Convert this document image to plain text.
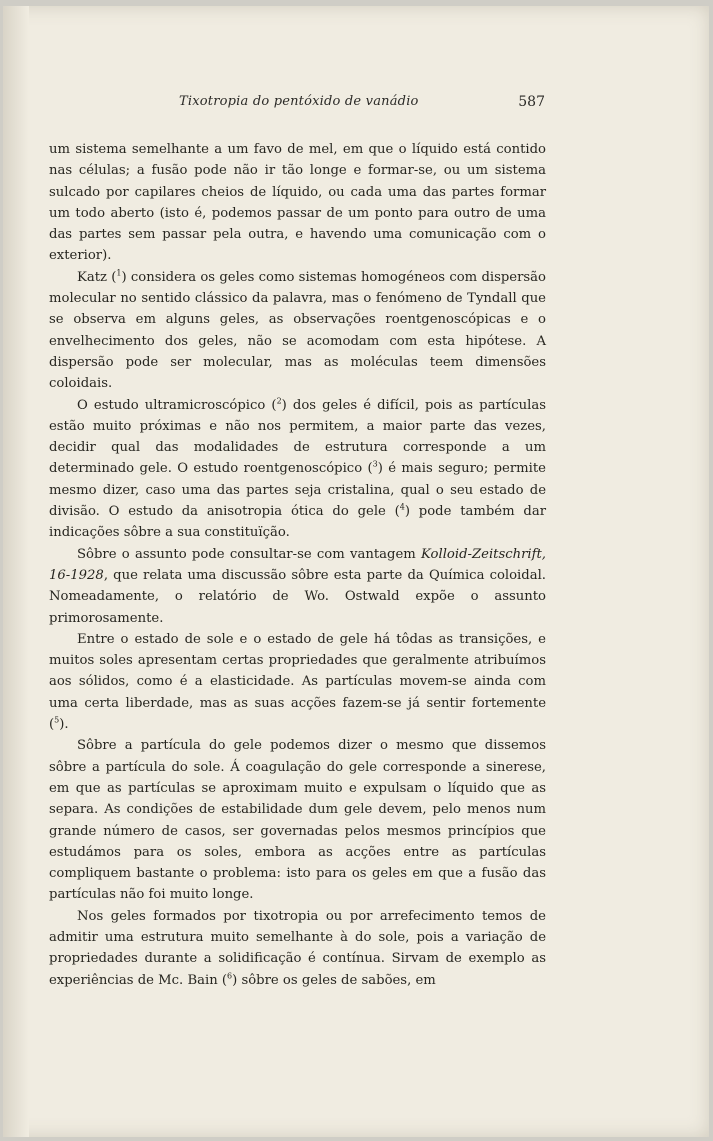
Tixotropia do pentóxido de vanádio	587

um sistema semelhante a um favo de mel, em que o líquido está contido nas células; a fusão pode não ir tão longe e formar-se, ou um sistema sulcado por capilares cheios de líquido, ou cada uma das partes formar um todo aberto (isto é, podemos passar de um ponto para outro de uma das partes sem passar pela outra, e havendo uma comunicação com o exterior).

Katz ($^1$) considera os geles como sistemas homogéneos com dispersão molecular no sentido clássico da palavra, mas o fenómeno de Tyndall que se observa em alguns geles, as observações roentgenoscópicas e o envelhecimento dos geles, não se acomodam com esta hipótese. A dispersão pode ser molecular, mas as moléculas teem dimensões coloidais.

O estudo ultramicroscópico ($^2$) dos geles é difícil, pois as partículas estão muito próximas e não nos permitem, a maior parte das vezes, decidir qual das modalidades de estrutura corresponde a um determinado gele. O estudo roentgenoscópico ($^3$) é mais seguro; permite mesmo dizer, caso uma das partes seja cristalina, qual o seu estado de divisão. O estudo da anisotropia ótica do gele ($^4$) pode também dar indicações sôbre a sua constituïção.

Sôbre o assunto pode consultar-se com vantagem Kolloid-Zeitschrift, 16-1928, que relata uma discussão sôbre esta parte da Química coloidal. Nomeadamente, o relatório de Wo. Ostwald expõe o assunto primorosamente.

Entre o estado de sole e o estado de gele há tôdas as transições, e muitos soles apresentam certas propriedades que geralmente atribuímos aos sólidos, como é a elasticidade. As partículas movem-se ainda com uma certa liberdade, mas as suas acções fazem-se já sentir fortemente ($^5$).

Sôbre a partícula do gele podemos dizer o mesmo que dissemos sôbre a partícula do sole. Á coagulação do gele corresponde a sinerese, em que as partículas se aproximam muito e expulsam o líquido que as separa. As condições de estabilidade dum gele devem, pelo menos num grande número de casos, ser governadas pelos mesmos princípios que estudámos para os soles, embora as acções entre as partículas compliquem bastante o problema: isto para os geles em que a fusão das partículas não foi muito longe.

Nos geles formados por tixotropia ou por arrefecimento temos de admitir uma estrutura muito semelhante à do sole, pois a variação de propriedades durante a solidificação é contínua. Sirvam de exemplo as experiências de Mc. Bain ($^6$) sôbre os geles de sabões, em
